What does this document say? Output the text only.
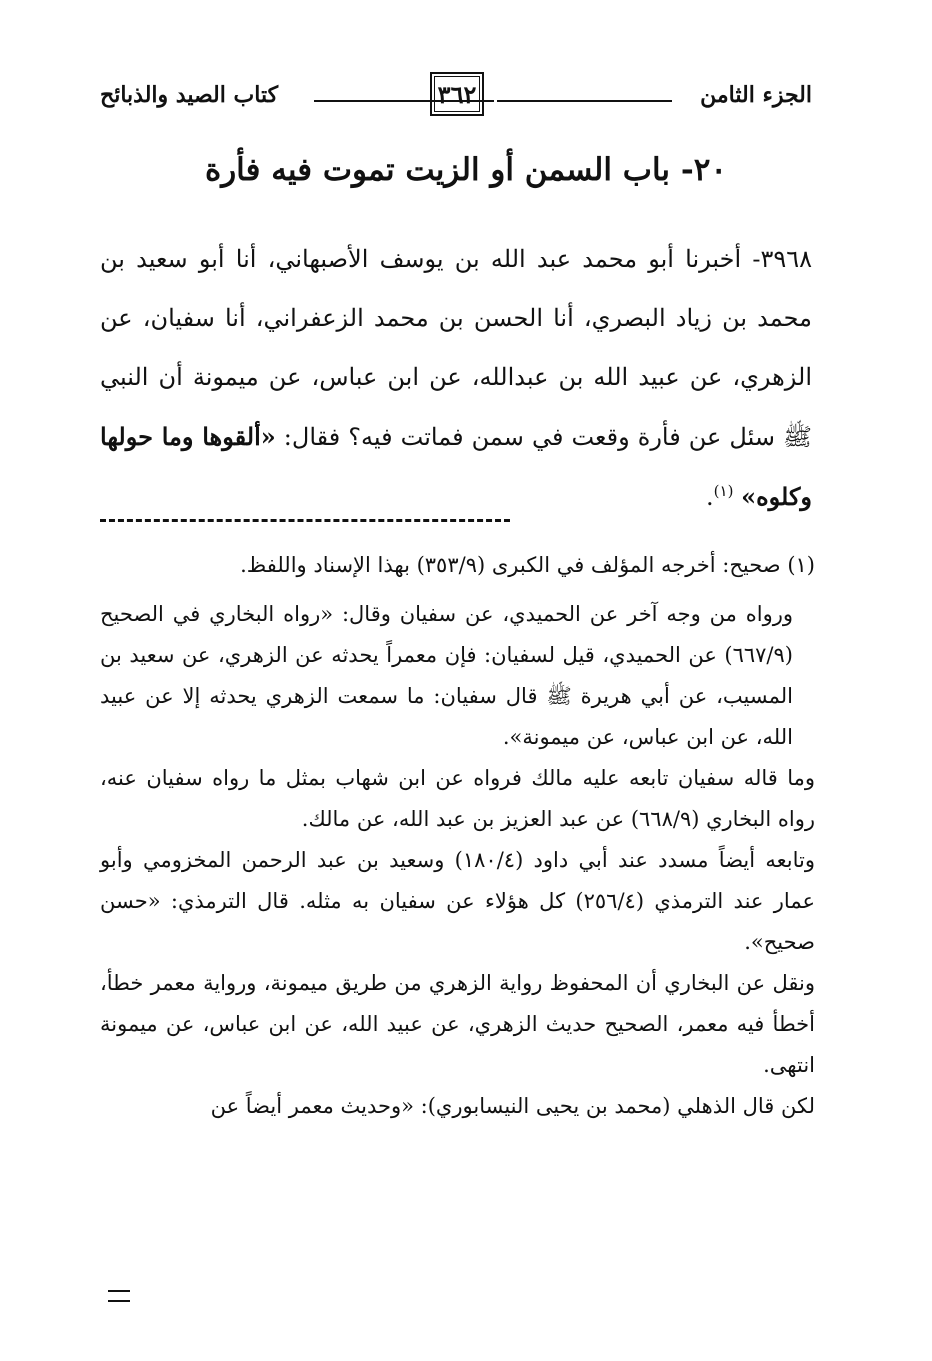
الجزء الثامن
٣٦٢
كتاب الصيد والذبائح
٢٠- باب السمن أو الزيت تموت فيه فأرة

٣٩٦٨- أخبرنا أبو محمد عبد الله بن يوسف الأصبهاني، أنا أبو سعيد بن محمد بن زياد البصري، أنا الحسن بن محمد الزعفراني، أنا سفيان، عن الزهري، عن عبيد الله بن عبدالله، عن ابن عباس، عن ميمونة أن النبي ﷺ سئل عن فأرة وقعت في سمن فماتت فيه؟ فقال: «ألقوها وما حولها وكلوه» $^{(١)}$.

(١) صحيح: أخرجه المؤلف في الكبرى (٣٥٣/٩) بهذا الإسناد واللفظ.

ورواه من وجه آخر عن الحميدي، عن سفيان وقال: «رواه البخاري في الصحيح (٦٦٧/٩) عن الحميدي، قيل لسفيان: فإن معمراً يحدثه عن الزهري، عن سعيد بن المسيب، عن أبي هريرة ﷺ قال سفيان: ما سمعت الزهري يحدثه إلا عن عبيد الله، عن ابن عباس، عن ميمونة».

وما قاله سفيان تابعه عليه مالك فرواه عن ابن شهاب بمثل ما رواه سفيان عنه، رواه البخاري (٦٦٨/٩) عن عبد العزيز بن عبد الله، عن مالك.

وتابعه أيضاً مسدد عند أبي داود (١٨٠/٤) وسعيد بن عبد الرحمن المخزومي وأبو عمار عند الترمذي (٢٥٦/٤) كل هؤلاء عن سفيان به مثله. قال الترمذي: «حسن صحيح».

ونقل عن البخاري أن المحفوظ رواية الزهري من طريق ميمونة، ورواية معمر خطأ، أخطأ فيه معمر، الصحيح حديث الزهري، عن عبيد الله، عن ابن عباس، عن ميمونة انتهى.

لكن قال الذهلي (محمد بن يحيى النيسابوري): «وحديث معمر أيضاً عن
